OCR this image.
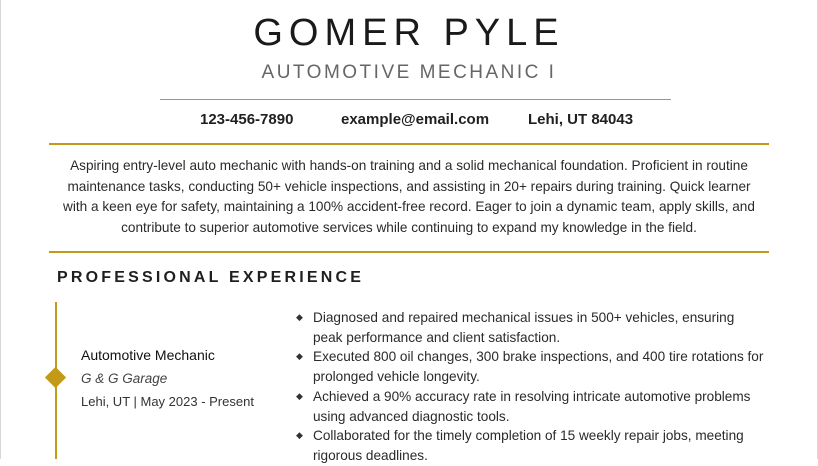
GOMER PYLE
AUTOMOTIVE MECHANIC I
123-456-7890	example@email.com	Lehi, UT 84043
Aspiring entry-level auto mechanic with hands-on training and a solid mechanical foundation. Proficient in routine maintenance tasks, conducting 50+ vehicle inspections, and assisting in 20+ repairs during training. Quick learner with a keen eye for safety, maintaining a 100% accident-free record. Eager to join a dynamic team, apply skills, and contribute to superior automotive services while continuing to expand my knowledge in the field.
PROFESSIONAL EXPERIENCE
Automotive Mechanic
G & G Garage
Lehi, UT | May 2023 - Present
◆ Diagnosed and repaired mechanical issues in 500+ vehicles, ensuring peak performance and client satisfaction.
◆ Executed 800 oil changes, 300 brake inspections, and 400 tire rotations for prolonged vehicle longevity.
◆ Achieved a 90% accuracy rate in resolving intricate automotive problems using advanced diagnostic tools.
◆ Collaborated for the timely completion of 15 weekly repair jobs, meeting rigorous deadlines.
